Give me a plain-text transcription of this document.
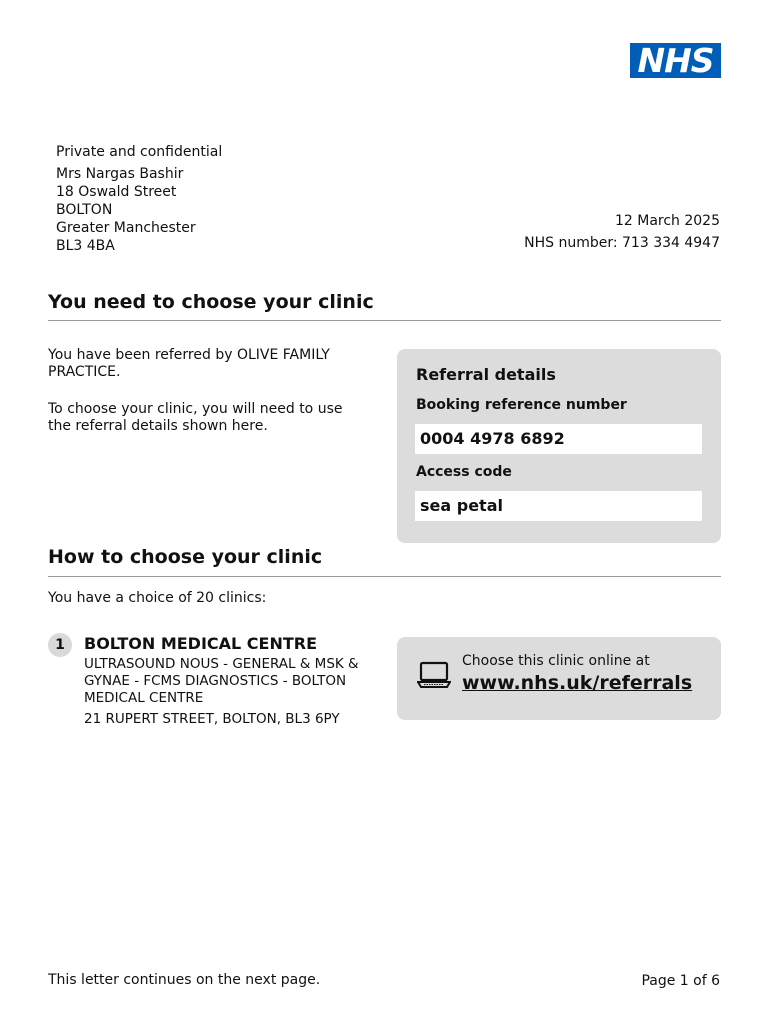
NHS
Private and confidential
Mrs Nargas Bashir
18 Oswald Street
BOLTON
Greater Manchester
BL3 4BA
12 March 2025
NHS number: 713 334 4947
You need to choose your clinic

You have been referred by OLIVE FAMILY PRACTICE.

To choose your clinic, you will need to use the referral details shown here.

Referral details
Booking reference number
0004 4978 6892
Access code
sea petal
How to choose your clinic
You have a choice of 20 clinics:
1	BOLTON MEDICAL CENTRE
ULTRASOUND NOUS - GENERAL & MSK & GYNAE - FCMS DIAGNOSTICS - BOLTON MEDICAL CENTRE
21 RUPERT STREET, BOLTON, BL3 6PY
Choose this clinic online at
www.nhs.uk/referrals
This letter continues on the next page.	Page 1 of 6
